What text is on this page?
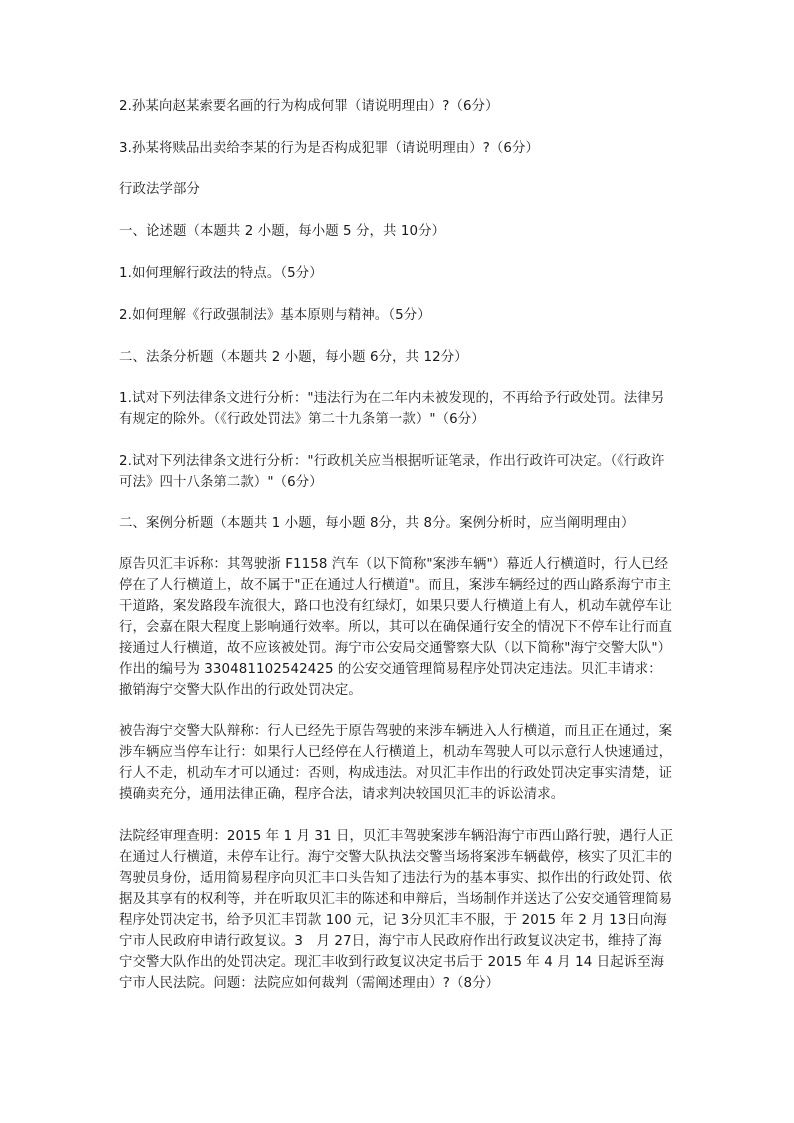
2.孙某向赵某索要名画的行为构成何罪（请说明理由）?（6分）
3.孙某将赎品出卖给李某的行为是否构成犯罪（请说明理由）?（6分）
行政法学部分
一、论述题（本题共 2 小题，每小题 5 分，共 10分）
1.如何理解行政法的特点。（5分）
2.如何理解《行政强制法》基本原则与精神。（5分）
二、法条分析题（本题共 2 小题，每小题 6分，共 12分）
1.试对下列法律条文进行分析："违法行为在二年内未被发现的，不再给予行政处罚。法律另有规定的除外。（《行政处罚法》第二十九条第一款）"（6分）
2.试对下列法律条文进行分析："行政机关应当根据听证笔录，作出行政许可决定。（《行政许可法》四十八条第二款）"（6分）
二、案例分析题（本题共 1 小题，每小题 8分，共 8分。案例分析时，应当阐明理由）
原告贝汇丰诉称：其驾驶浙 F1158 汽车（以下简称"案涉车辆"）幕近人行横道时，行人已经停在了人行横道上，故不属于"正在通过人行横道"。而且，案涉车辆经过的西山路系海宁市主干道路，案发路段车流很大，路口也没有红绿灯，如果只要人行横道上有人，机动车就停车让行，会嘉在限大程度上影响通行效率。所以，其可以在确保通行安全的情况下不停车让行而直接通过人行横道，故不应该被处罚。海宁市公安局交通警察大队（以下简称"海宁交警大队"）作出的编号为 330481102542425 的公安交通管理简易程序处罚决定违法。贝汇丰请求：撤销海宁交警大队作出的行政处罚决定。
被告海宁交警大队辩称：行人已经先于原告驾驶的来涉车辆进入人行横道，而且正在通过，案涉车辆应当停车让行：如果行人已经停在人行横道上，机动车驾驶人可以示意行人快速通过，行人不走，机动车才可以通过：否则，构成违法。对贝汇丰作出的行政处罚决定事实清楚，证摸确卖充分，通用法律正确，程序合法，请求判决较国贝汇丰的诉讼清求。
法院经审理查明：2015 年 1 月 31 日，贝汇丰驾驶案涉车辆沿海宁市西山路行驶，遇行人正在通过人行横道，未停车让行。海宁交警大队执法交警当场将案涉车辆截停，核实了贝汇丰的驾驶员身份，适用简易程序向贝汇丰口头告知了违法行为的基本事实、拟作出的行政处罚、依据及其享有的权利等，并在听取贝汇丰的陈述和申辩后，当场制作并送达了公安交通管理简易程序处罚决定书，给予贝汇丰罚款 100 元，记 3分贝汇丰不服，于 2015 年 2 月 13日向海宁市人民政府申请行政复议。3　月 27日，海宁市人民政府作出行政复议决定书，维持了海宁交警大队作出的处罚决定。现汇丰收到行政复议决定书后于 2015 年 4 月 14 日起诉至海宁市人民法院。问题：法院应如何裁判（需阐述理由）?（8分）
